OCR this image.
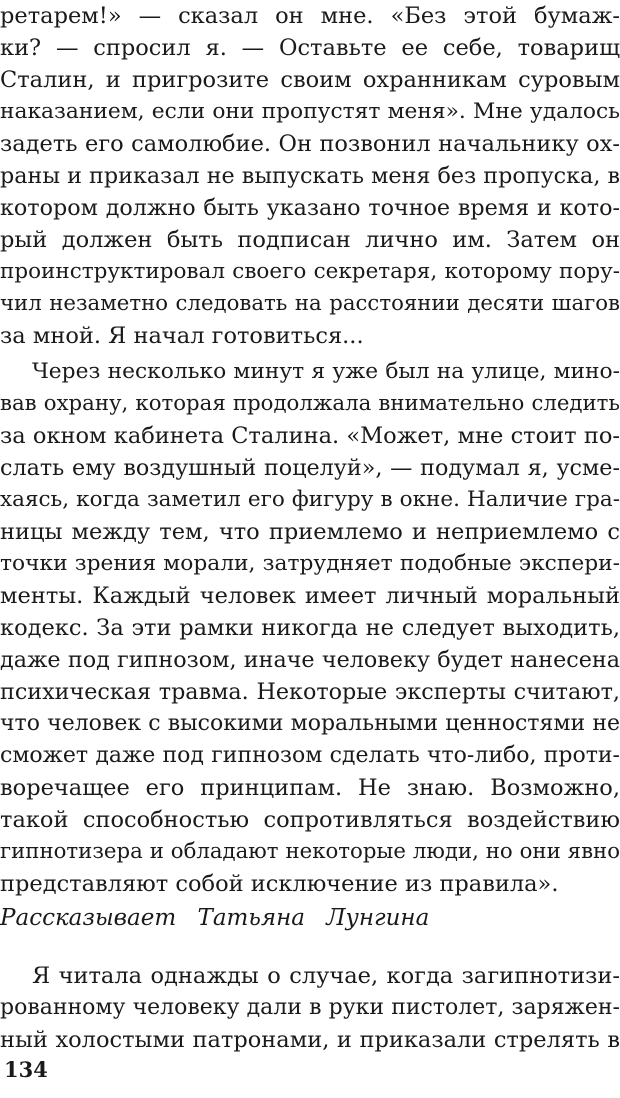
ретарем!» — сказал он мне. «Без этой бумаж-
ки? — спросил я. — Оставьте ее себе, товарищ
Сталин, и пригрозите своим охранникам суровым
наказанием, если они пропустят меня». Мне удалось
задеть его самолюбие. Он позвонил начальнику ох-
раны и приказал не выпускать меня без пропуска, в
котором должно быть указано точное время и кото-
рый должен быть подписан лично им. Затем он
проинструктировал своего секретаря, которому пору-
чил незаметно следовать на расстоянии десяти шагов
за мной. Я начал готовиться...
Через несколько минут я уже был на улице, мино-
вав охрану, которая продолжала внимательно следить
за окном кабинета Сталина. «Может, мне стоит по-
слать ему воздушный поцелуй», — подумал я, усме-
хаясь, когда заметил его фигуру в окне. Наличие гра-
ницы между тем, что приемлемо и неприемлемо с
точки зрения морали, затрудняет подобные экспери-
менты. Каждый человек имеет личный моральный
кодекс. За эти рамки никогда не следует выходить,
даже под гипнозом, иначе человеку будет нанесена
психическая травма. Некоторые эксперты считают,
что человек с высокими моральными ценностями не
сможет даже под гипнозом сделать что-либо, проти-
воречащее его принципам. Не знаю. Возможно,
такой способностью сопротивляться воздействию
гипнотизера и обладают некоторые люди, но они явно
представляют собой исключение из правила».
Рассказывает Татьяна Лунгина
Я читала однажды о случае, когда загипнотизи-
рованному человеку дали в руки пистолет, заряжен-
ный холостыми патронами, и приказали стрелять в
134
